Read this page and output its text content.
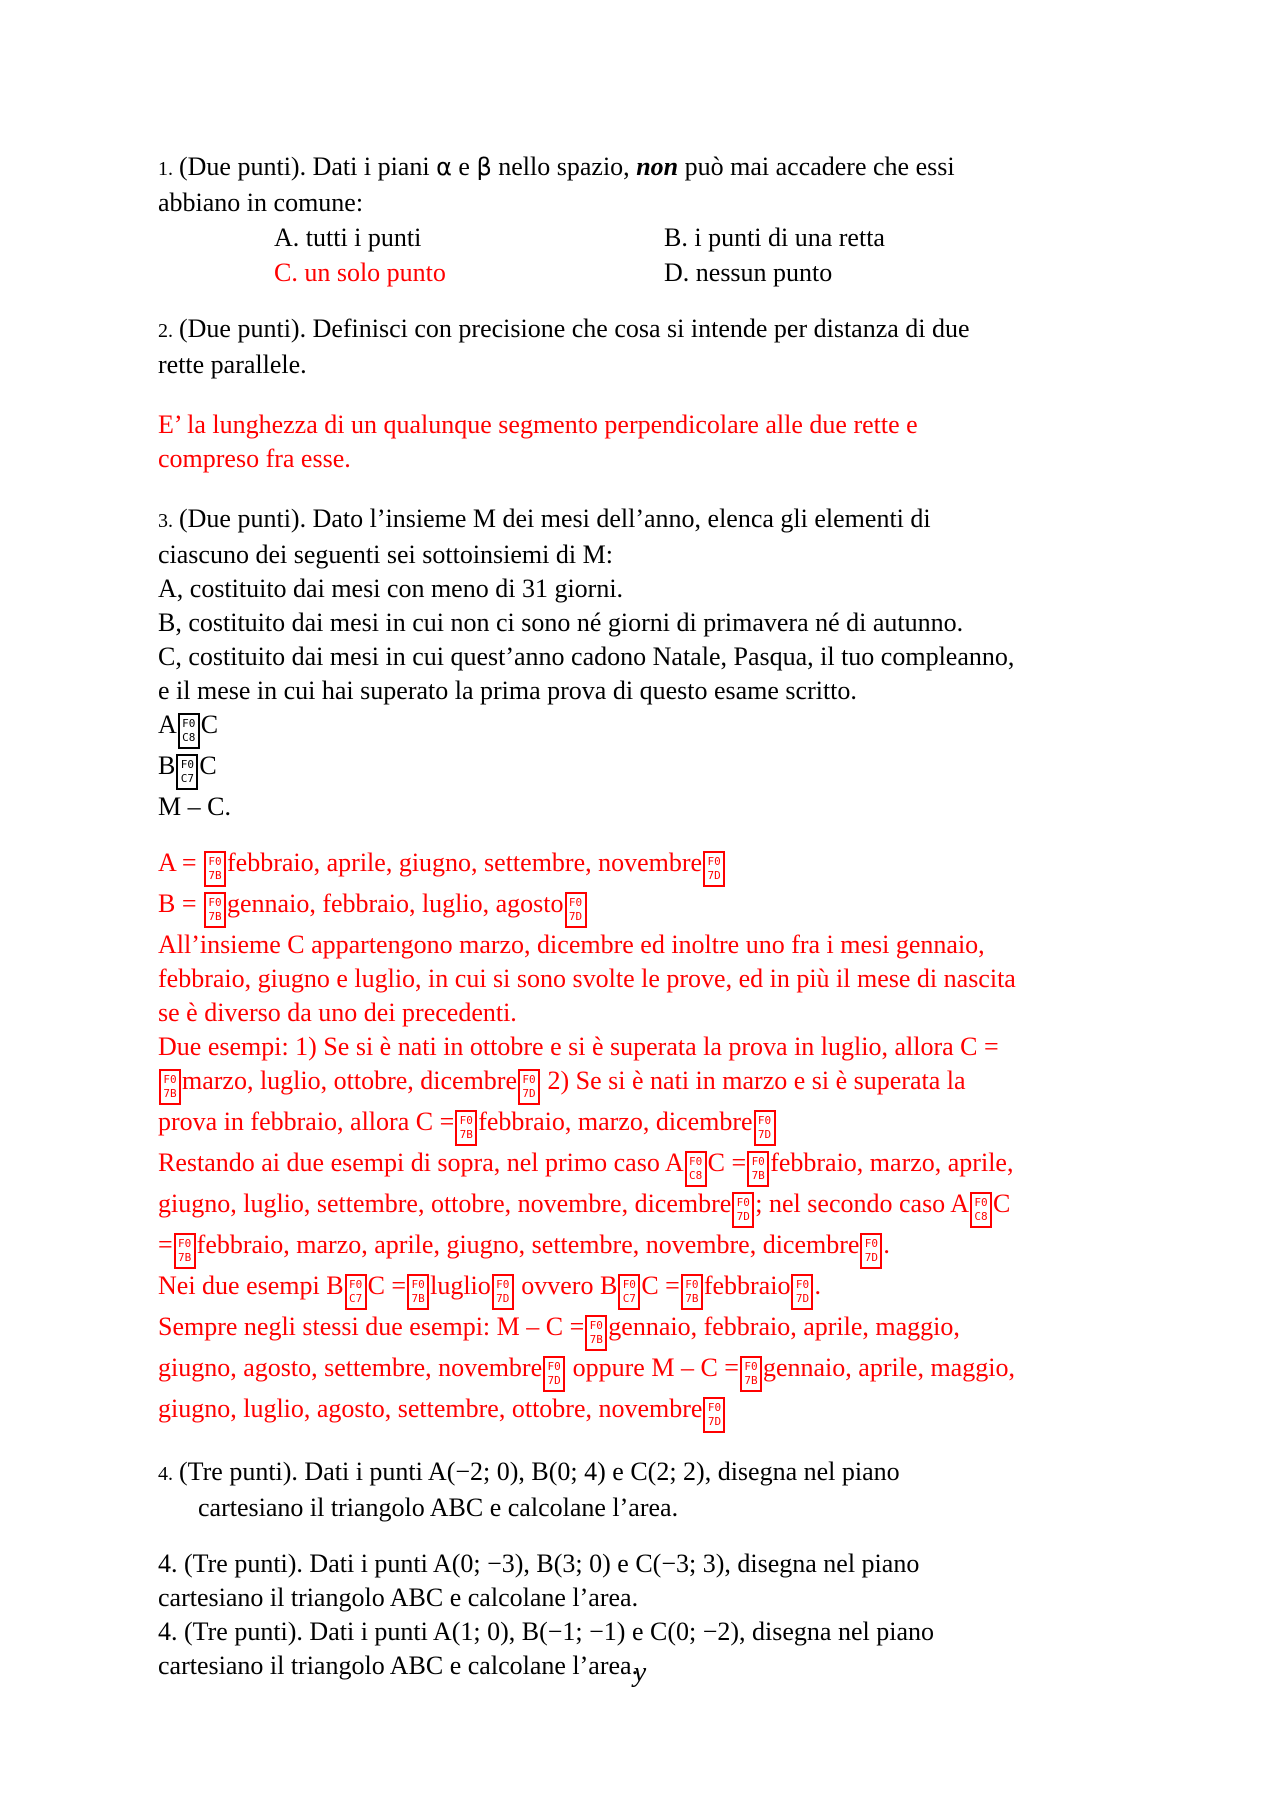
1. (Due punti). Dati i piani α e β nello spazio, non può mai accadere che essi
abbiano in comune:
A. tutti i punti	B. i punti di una retta
C. un solo punto	D. nessun punto
2. (Due punti). Definisci con precisione che cosa si intende per distanza di due
rette parallele.
E’ la lunghezza di un qualunque segmento perpendicolare alle due rette e
compreso fra esse.
3. (Due punti). Dato l’insieme M dei mesi dell’anno, elenca gli elementi di
ciascuno dei seguenti sei sottoinsiemi di M:
A, costituito dai mesi con meno di 31 giorni.
B, costituito dai mesi in cui non ci sono né giorni di primavera né di autunno.
C, costituito dai mesi in cui quest’anno cadono Natale, Pasqua, il tuo compleanno,
e il mese in cui hai superato la prima prova di questo esame scritto.
A F0
C8 C
B F0
C7 C
M – C.
A = F0
7B febbraio, aprile, giugno, settembre, novembre F0
7D
B = F0
7B gennaio, febbraio, luglio, agosto F0
7D
All’insieme C appartengono marzo, dicembre ed inoltre uno fra i mesi gennaio,
febbraio, giugno e luglio, in cui si sono svolte le prove, ed in più il mese di nascita
se è diverso da uno dei precedenti.
Due esempi: 1) Se si è nati in ottobre e si è superata la prova in luglio, allora C =
F0
7B marzo, luglio, ottobre, dicembre F0
7D 2) Se si è nati in marzo e si è superata la
prova in febbraio, allora C = F0
7B febbraio, marzo, dicembre F0
7D
Restando ai due esempi di sopra, nel primo caso A F0
C8 C = F0
7B febbraio, marzo, aprile,
giugno, luglio, settembre, ottobre, novembre, dicembre F0
7D ; nel secondo caso A F0
C8 C
= F0
7B febbraio, marzo, aprile, giugno, settembre, novembre, dicembre F0
7D .
Nei due esempi B F0
C7 C = F0
7B luglio F0
7D ovvero B F0
C7 C = F0
7B febbraio F0
7D .
Sempre negli stessi due esempi: M – C = F0
7B gennaio, febbraio, aprile, maggio,
giugno, agosto, settembre, novembre F0
7D oppure M – C = F0
7B gennaio, aprile, maggio,
giugno, luglio, agosto, settembre, ottobre, novembre F0
7D
4. (Tre punti). Dati i punti A(−2; 0), B(0; 4) e C(2; 2), disegna nel piano
cartesiano il triangolo ABC e calcolane l’area.
4. (Tre punti). Dati i punti A(0; −3), B(3; 0) e C(−3; 3), disegna nel piano
cartesiano il triangolo ABC e calcolane l’area.
4. (Tre punti). Dati i punti A(1; 0), B(−1; −1) e C(0; −2), disegna nel piano
cartesiano il triangolo ABC e calcolane l’area.
y
